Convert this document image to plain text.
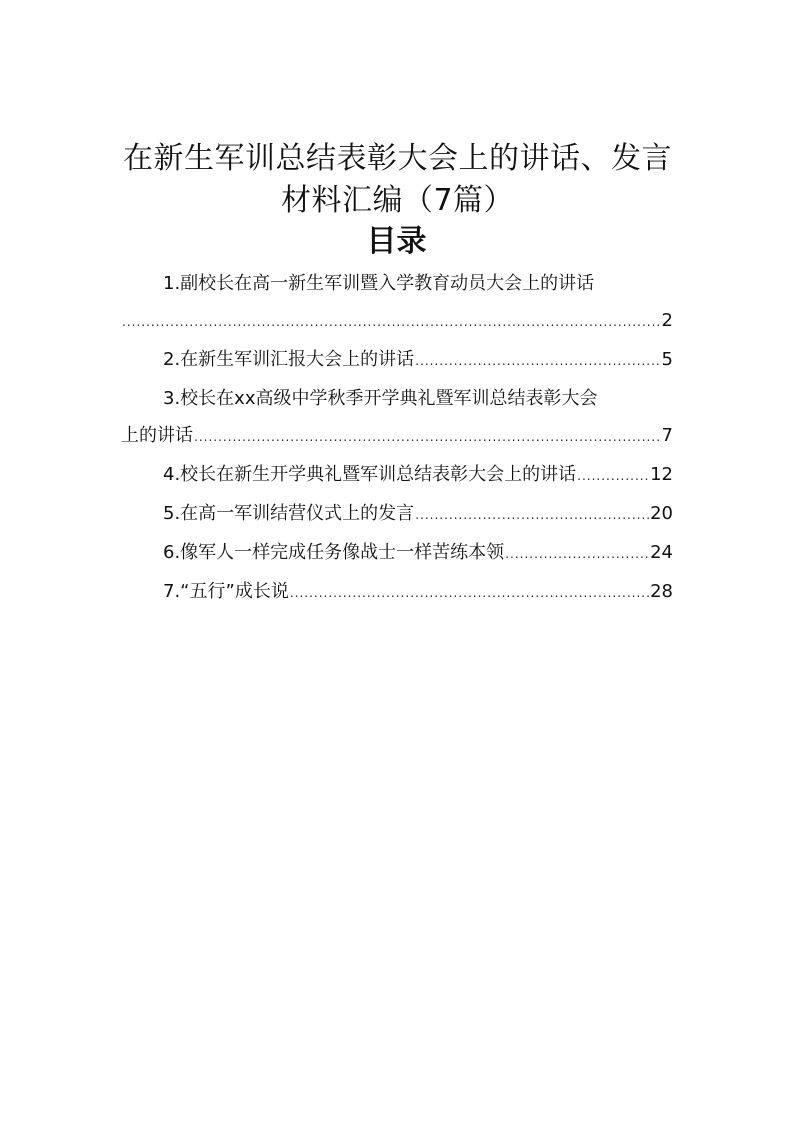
在新生军训总结表彰大会上的讲话、发言材料汇编（7篇）
目录
1.副校长在高一新生军训暨入学教育动员大会上的讲话
.....
2
2.在新生军训汇报大会上的讲话 .....	5
3.校长在xx高级中学秋季开学典礼暨军训总结表彰大会
上的讲话 .....	7
4.校长在新生开学典礼暨军训总结表彰大会上的讲话 .....	12
5.在高一军训结营仪式上的发言 .....	20
6.像军人一样完成任务像战士一样苦练本领 .....	24
7.“五行”成长说 .....	28
